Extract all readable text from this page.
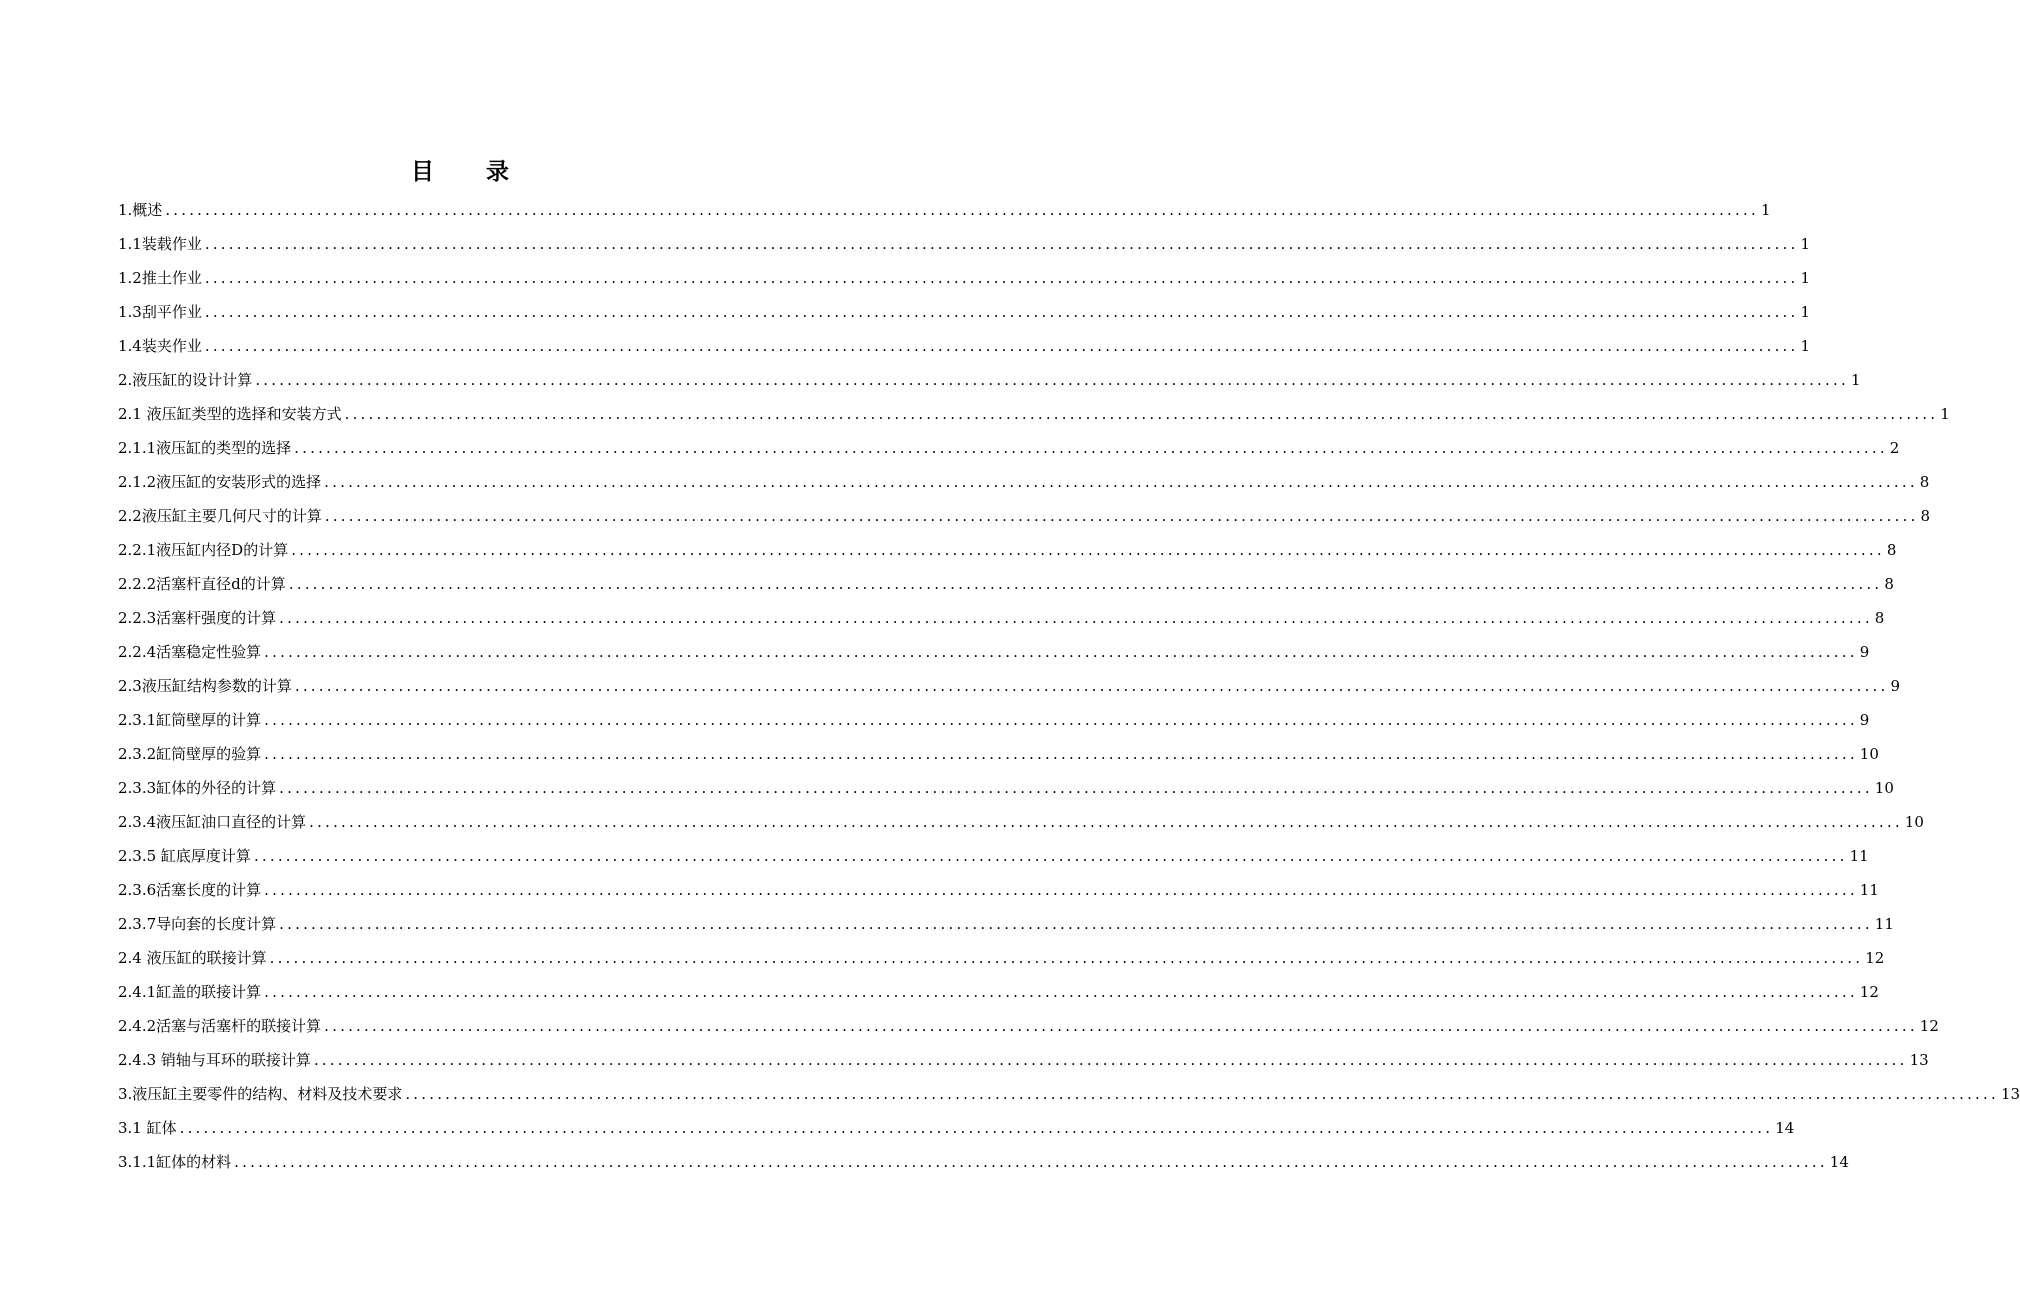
目 录
1.概述 ........................................................................................................................................................................................................ 1
1.1装载作业 ........................................................................................................................................................................................................ 1
1.2推土作业 ........................................................................................................................................................................................................ 1
1.3刮平作业 ........................................................................................................................................................................................................ 1
1.4装夹作业 ........................................................................................................................................................................................................ 1
2.液压缸的设计计算 ........................................................................................................................................................................................................ 1
2.1 液压缸类型的选择和安装方式 ........................................................................................................................................................................................................ 1
2.1.1液压缸的类型的选择 ........................................................................................................................................................................................................ 2
2.1.2液压缸的安装形式的选择 ........................................................................................................................................................................................................ 8
2.2液压缸主要几何尺寸的计算 ........................................................................................................................................................................................................ 8
2.2.1液压缸内径D的计算 ........................................................................................................................................................................................................ 8
2.2.2活塞杆直径d的计算 ........................................................................................................................................................................................................ 8
2.2.3活塞杆强度的计算 ........................................................................................................................................................................................................ 8
2.2.4活塞稳定性验算 ........................................................................................................................................................................................................ 9
2.3液压缸结构参数的计算 ........................................................................................................................................................................................................ 9
2.3.1缸筒壁厚的计算 ........................................................................................................................................................................................................ 9
2.3.2缸筒壁厚的验算 ........................................................................................................................................................................................................ 10
2.3.3缸体的外径的计算 ........................................................................................................................................................................................................ 10
2.3.4液压缸油口直径的计算 ........................................................................................................................................................................................................ 10
2.3.5 缸底厚度计算 ........................................................................................................................................................................................................ 11
2.3.6活塞长度的计算 ........................................................................................................................................................................................................ 11
2.3.7导向套的长度计算 ........................................................................................................................................................................................................ 11
2.4 液压缸的联接计算 ........................................................................................................................................................................................................ 12
2.4.1缸盖的联接计算 ........................................................................................................................................................................................................ 12
2.4.2活塞与活塞杆的联接计算 ........................................................................................................................................................................................................ 12
2.4.3 销轴与耳环的联接计算 ........................................................................................................................................................................................................ 13
3.液压缸主要零件的结构、材料及技术要求 ........................................................................................................................................................................................................ 13
3.1 缸体 ........................................................................................................................................................................................................ 14
3.1.1缸体的材料 ........................................................................................................................................................................................................ 14
